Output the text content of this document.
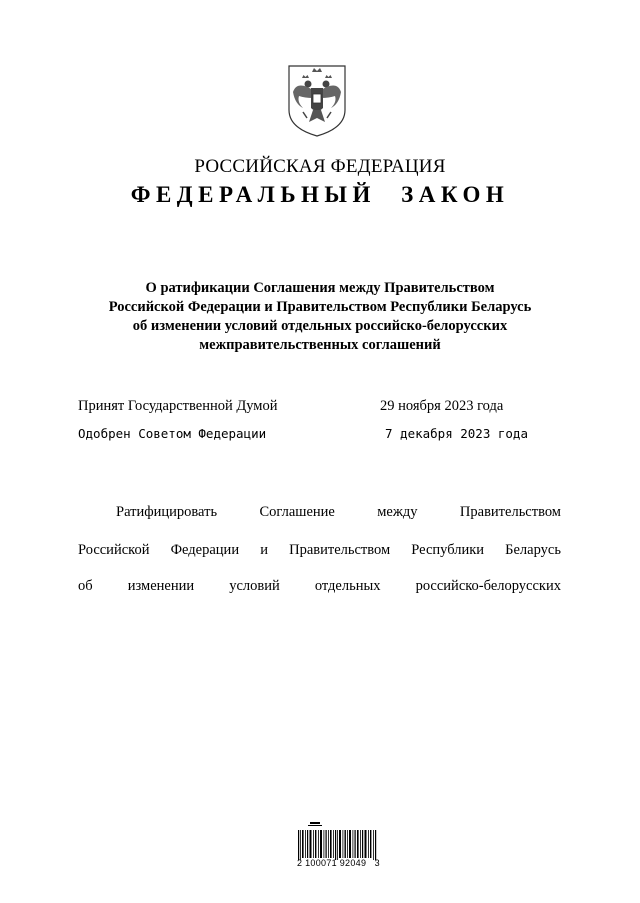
РОССИЙСКАЯ ФЕДЕРАЦИЯ
ФЕДЕРАЛЬНЫЙ ЗАКОН
О ратификации Соглашения между Правительством
Российской Федерации и Правительством Республики Беларусь
об изменении условий отдельных российско-белорусских
межправительственных соглашений
Принят Государственной Думой	29 ноября 2023 года
Одобрен Советом Федерации	7 декабря 2023 года
Ратифицировать	Соглашение	между	Правительством
Российской Федерации и Правительством Республики Беларусь
об изменении условий отдельных российско-белорусских
2 100071 92049   3
